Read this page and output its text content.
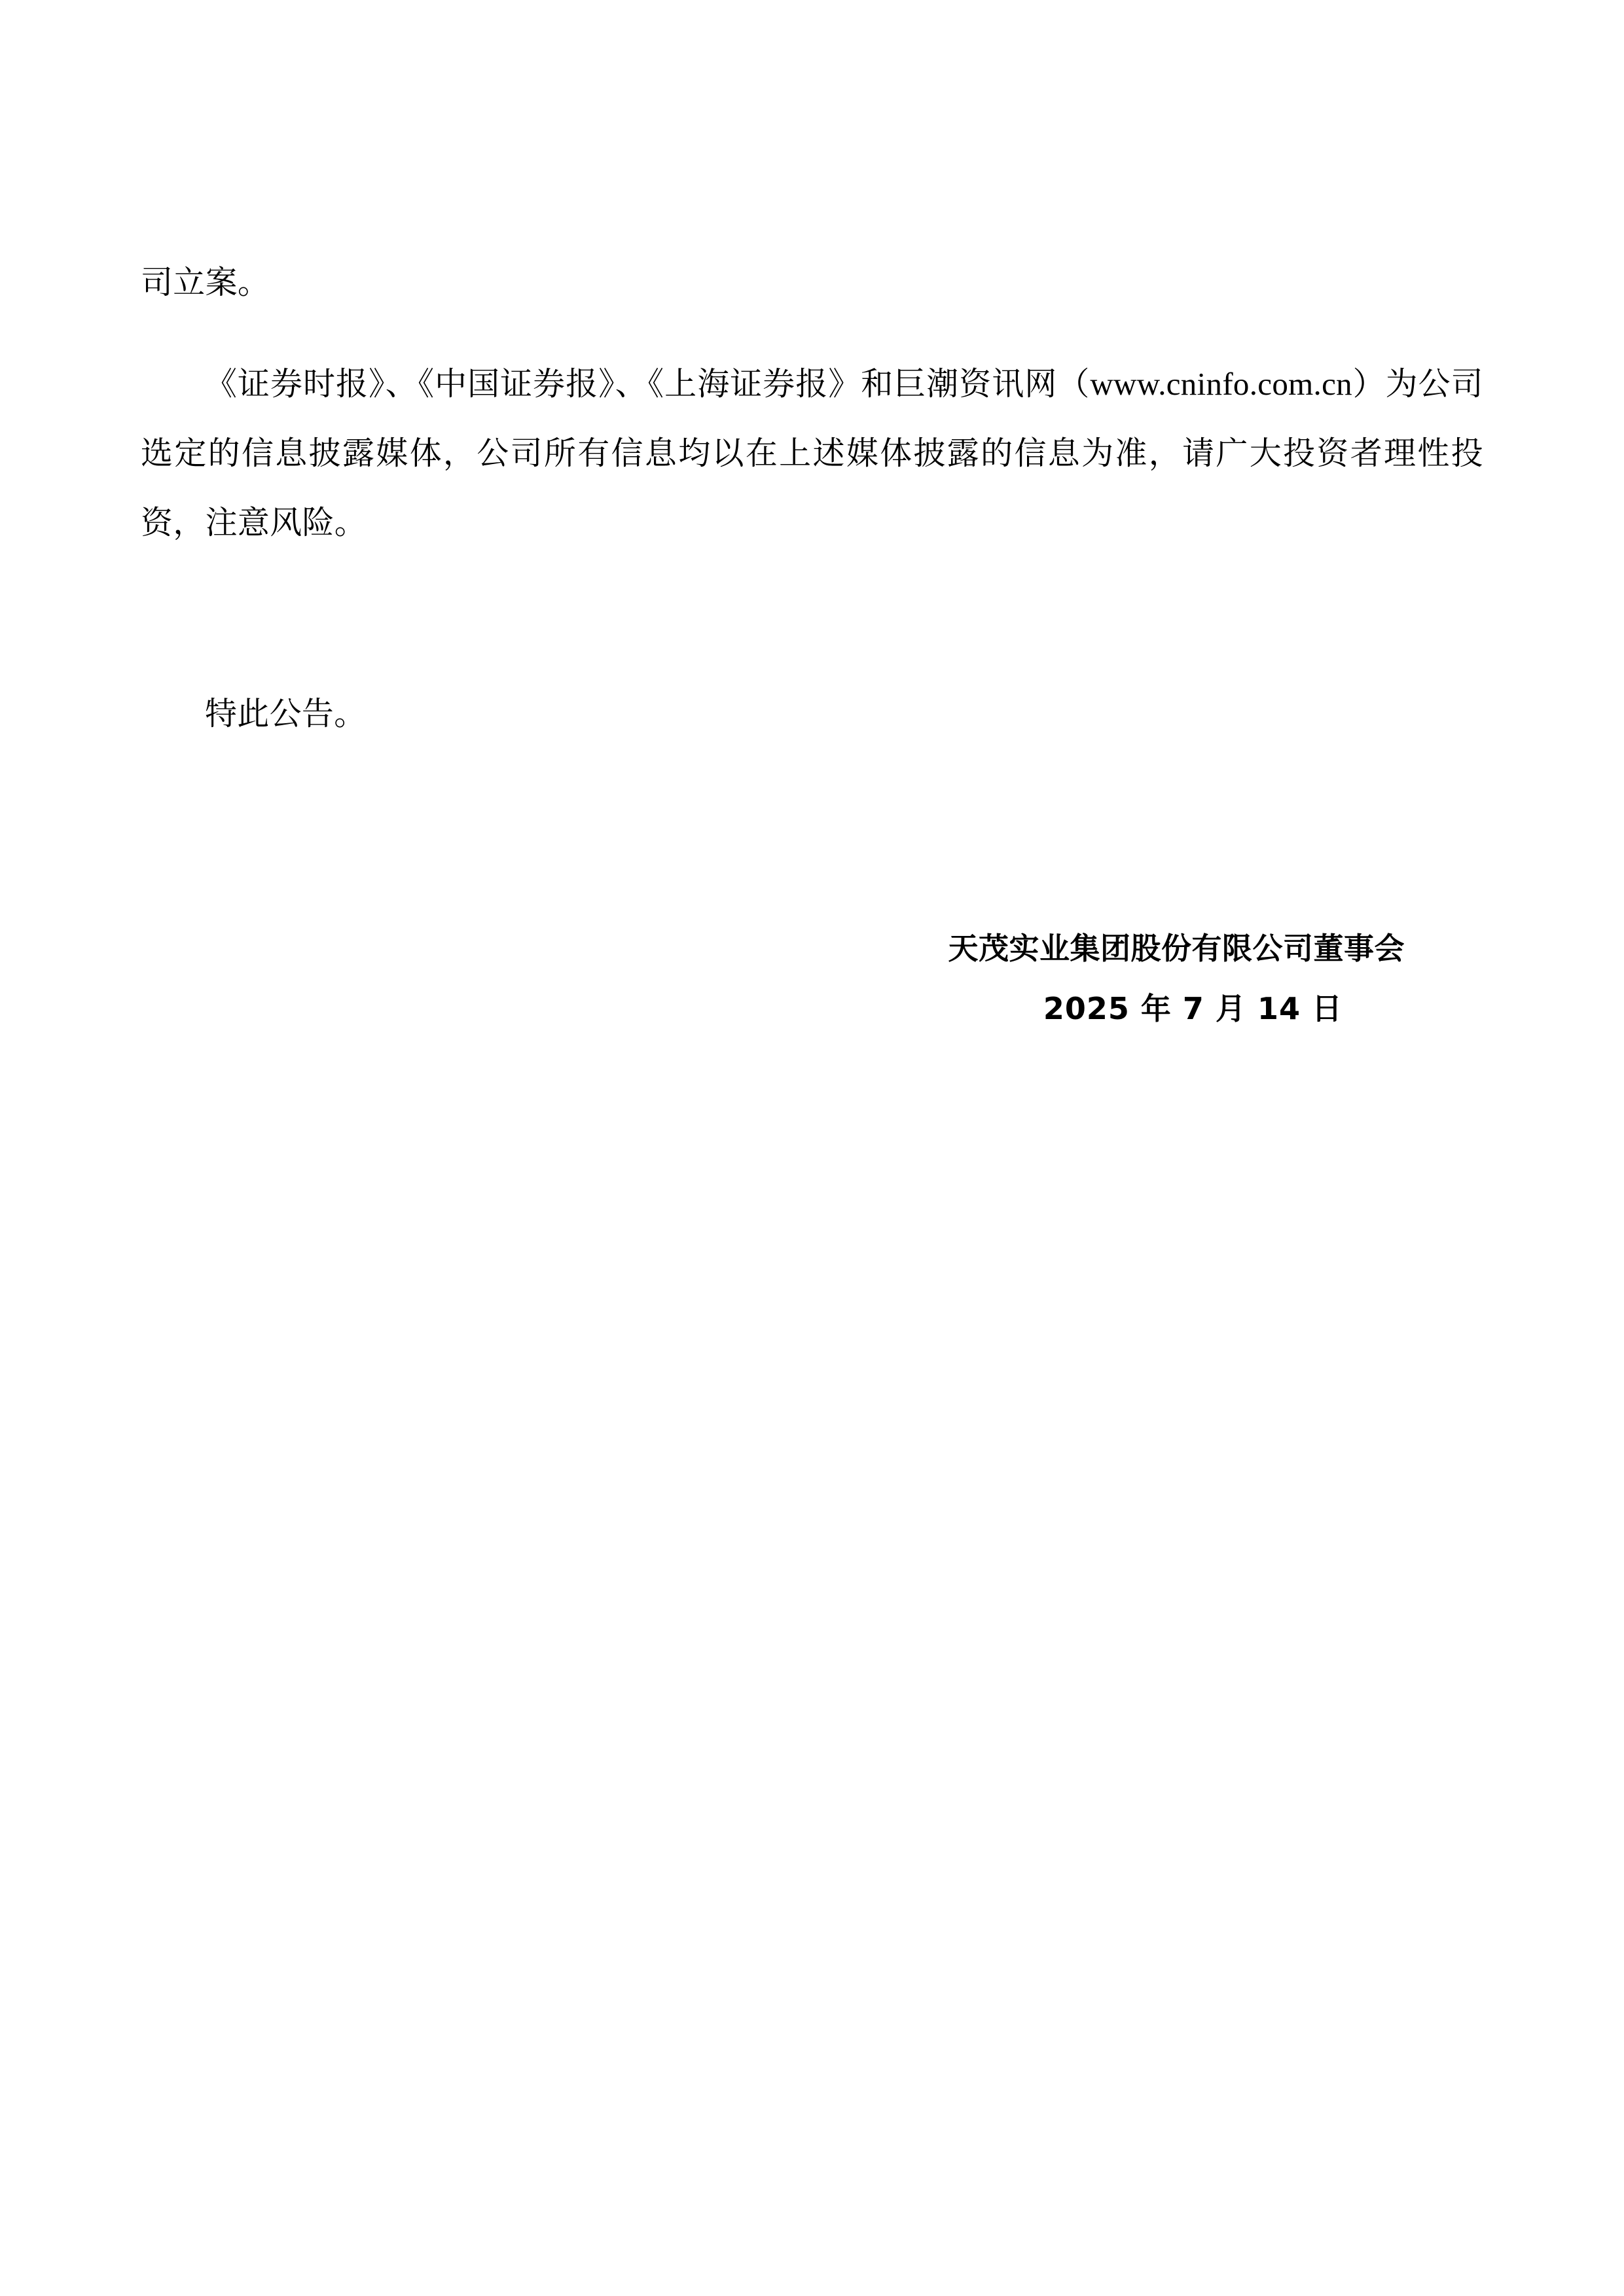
司立案。

《证券时报》、《中国证券报》、《上海证券报》和巨潮资讯网（www.cninfo.com.cn）为公司选定的信息披露媒体，公司所有信息均以在上述媒体披露的信息为准，请广大投资者理性投资，注意风险。

特此公告。

天茂实业集团股份有限公司董事会
2025 年 7 月 14 日
